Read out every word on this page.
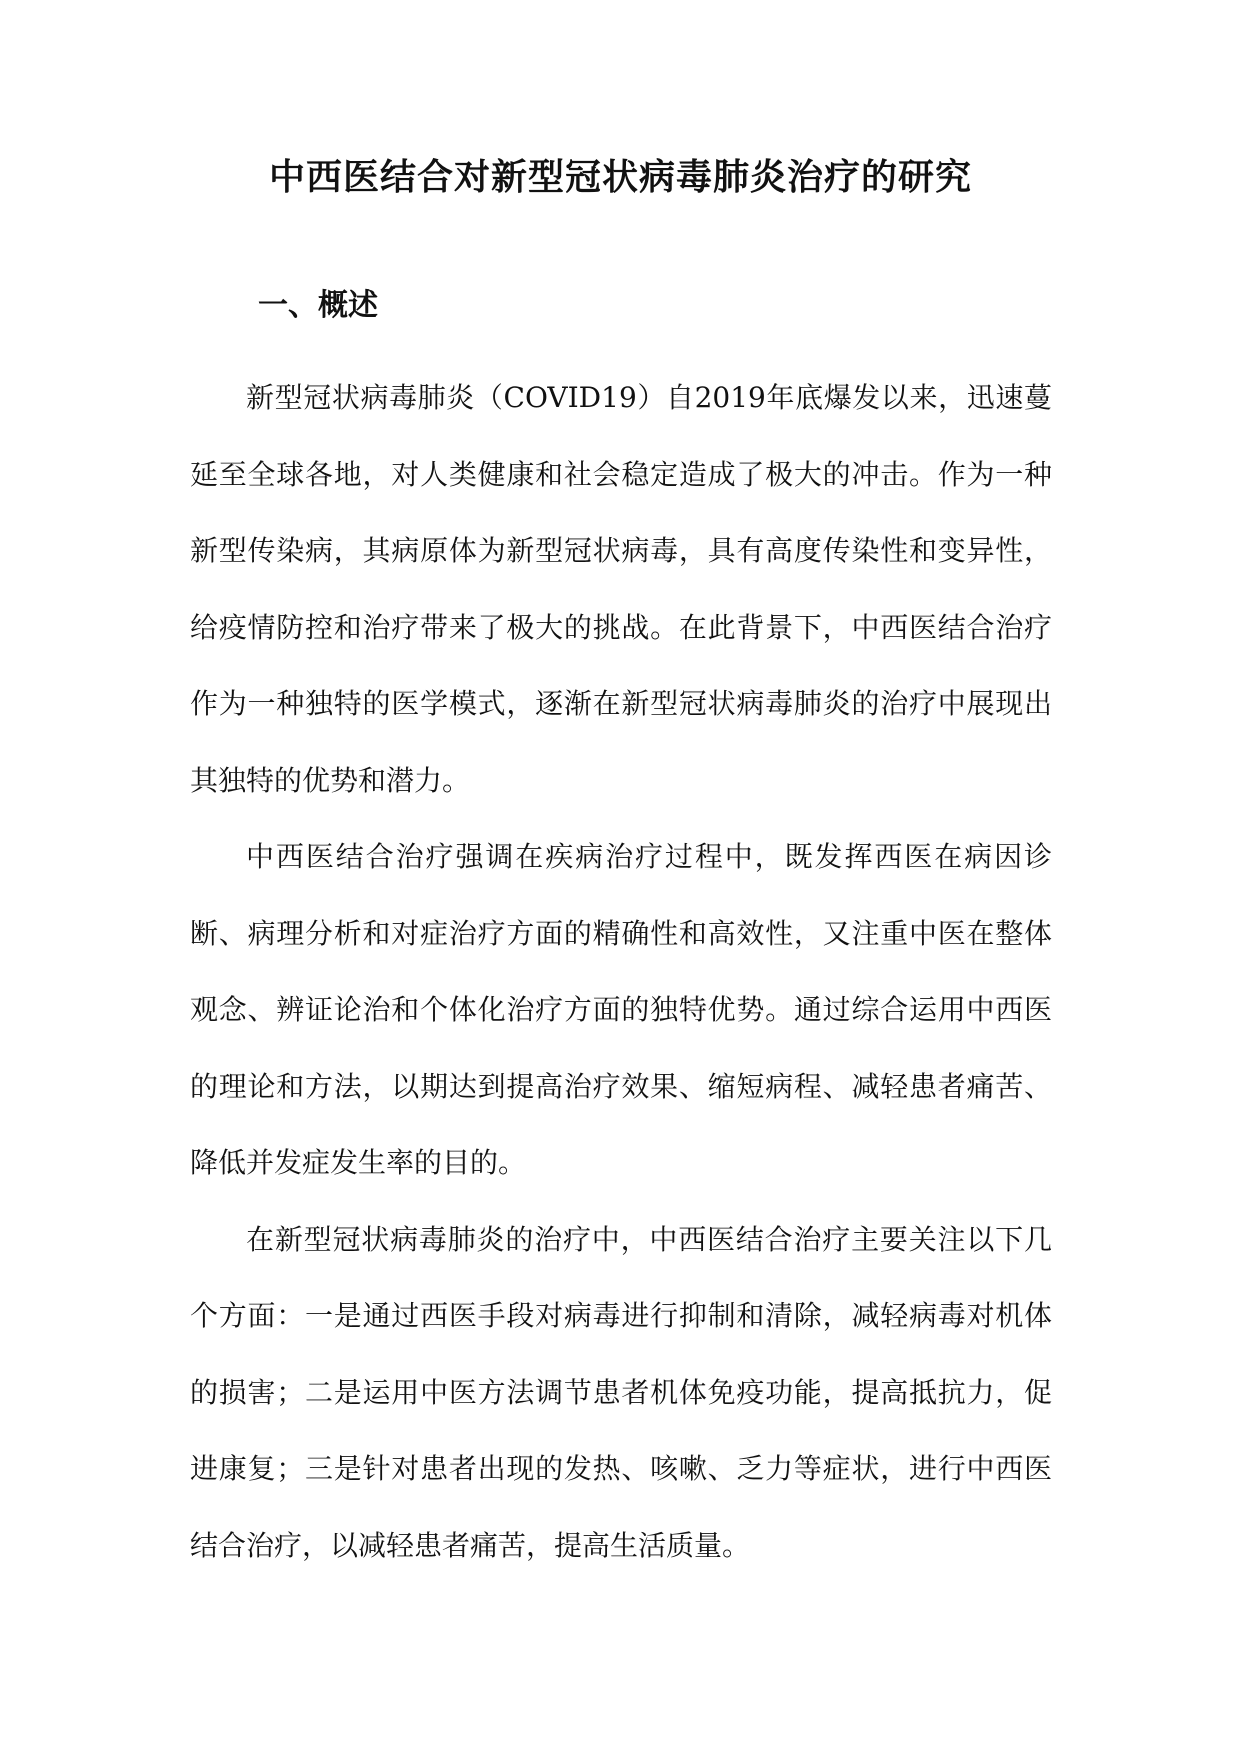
中西医结合对新型冠状病毒肺炎治疗的研究
一、概述

新型冠状病毒肺炎（COVID19）自2019年底爆发以来，迅速蔓延至全球各地，对人类健康和社会稳定造成了极大的冲击。作为一种新型传染病，其病原体为新型冠状病毒，具有高度传染性和变异性，给疫情防控和治疗带来了极大的挑战。在此背景下，中西医结合治疗作为一种独特的医学模式，逐渐在新型冠状病毒肺炎的治疗中展现出其独特的优势和潜力。

中西医结合治疗强调在疾病治疗过程中，既发挥西医在病因诊断、病理分析和对症治疗方面的精确性和高效性，又注重中医在整体观念、辨证论治和个体化治疗方面的独特优势。通过综合运用中西医的理论和方法，以期达到提高治疗效果、缩短病程、减轻患者痛苦、降低并发症发生率的目的。

在新型冠状病毒肺炎的治疗中，中西医结合治疗主要关注以下几个方面：一是通过西医手段对病毒进行抑制和清除，减轻病毒对机体的损害；二是运用中医方法调节患者机体免疫功能，提高抵抗力，促进康复；三是针对患者出现的发热、咳嗽、乏力等症状，进行中西医结合治疗，以减轻患者痛苦，提高生活质量。
